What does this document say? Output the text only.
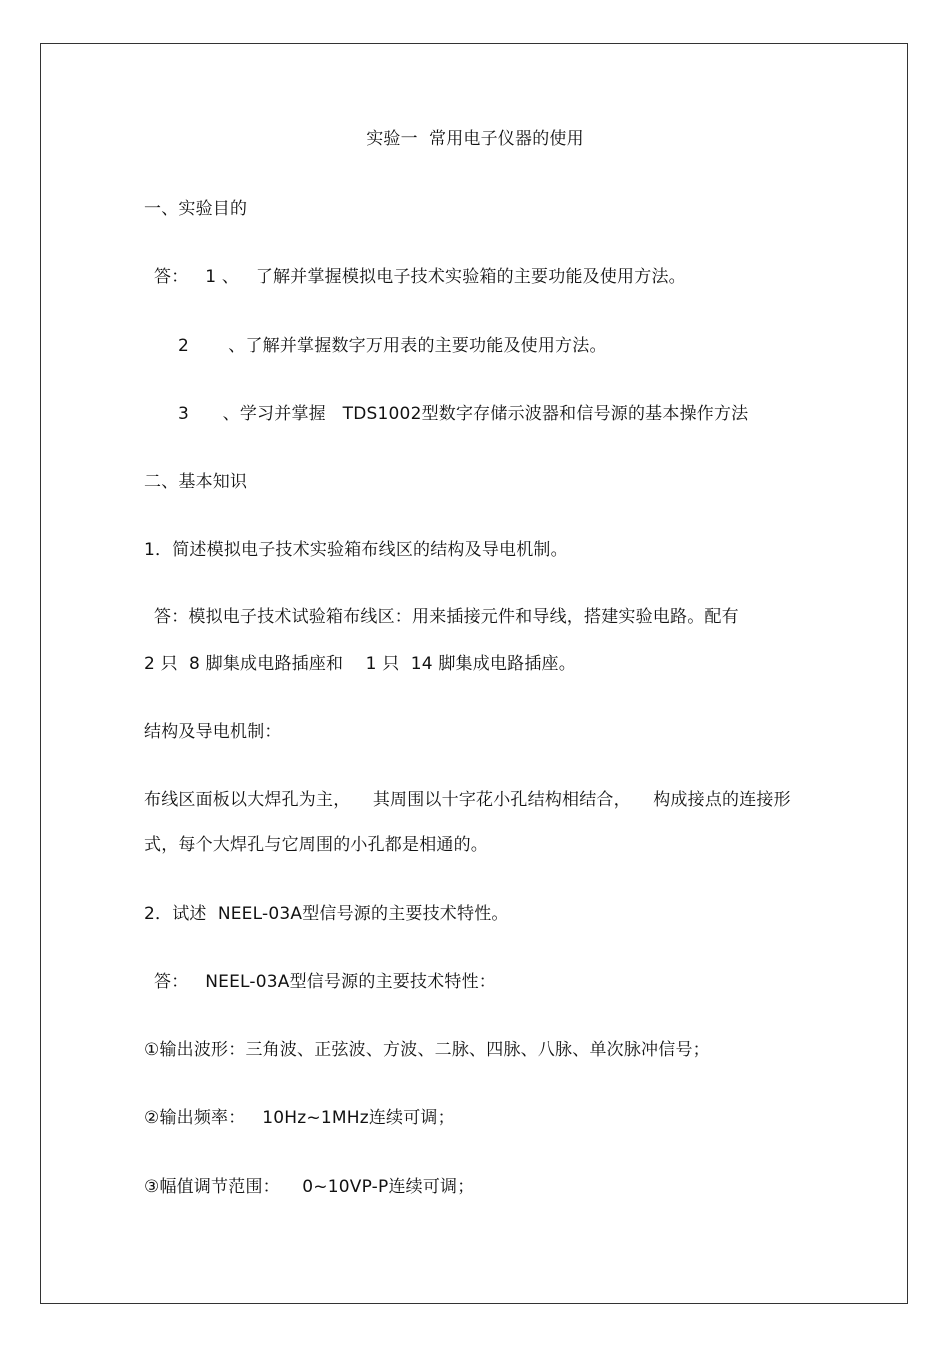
实验一  常用电子仪器的使用
一、实验目的
答：   1 、   了解并掌握模拟电子技术实验箱的主要功能及使用方法。
2       、了解并掌握数字万用表的主要功能及使用方法。
3      、学习并掌握   TDS1002型数字存储示波器和信号源的基本操作方法
二、基本知识
1．简述模拟电子技术实验箱布线区的结构及导电机制。
答：模拟电子技术试验箱布线区：用来插接元件和导线，搭建实验电路。配有
2 只  8 脚集成电路插座和    1 只  14 脚集成电路插座。
结构及导电机制：
布线区面板以大焊孔为主，    其周围以十字花小孔结构相结合，    构成接点的连接形
式，每个大焊孔与它周围的小孔都是相通的。
2．试述  NEEL-03A型信号源的主要技术特性。
答：   NEEL-03A型信号源的主要技术特性：
①输出波形：三角波、正弦波、方波、二脉、四脉、八脉、单次脉冲信号；
②输出频率：   10Hz~1MHz连续可调；
③幅值调节范围：    0~10VP-P连续可调；
